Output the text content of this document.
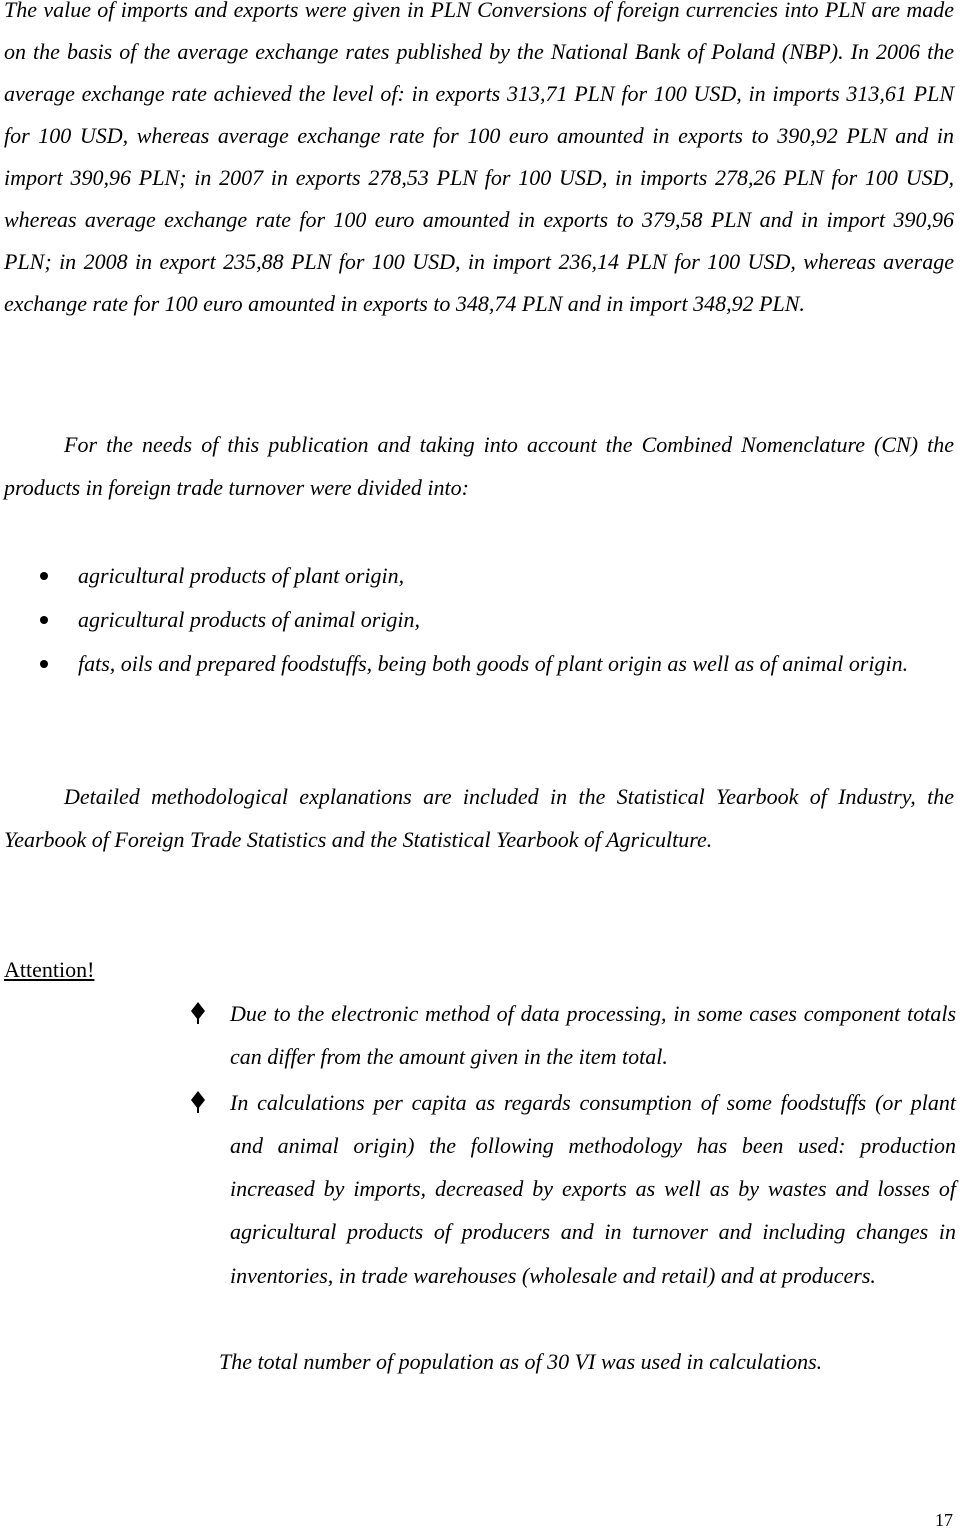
The value of imports and exports were given in PLN Conversions of foreign currencies into PLN are made on the basis of the average exchange rates published by the National Bank of Poland (NBP). In 2006 the average exchange rate achieved the level of: in exports 313,71 PLN for 100 USD, in imports 313,61 PLN for 100 USD, whereas average exchange rate for 100 euro amounted in exports to 390,92 PLN and in import 390,96 PLN; in 2007 in exports 278,53 PLN for 100 USD, in imports 278,26 PLN for 100 USD, whereas average exchange rate for 100 euro amounted in exports to 379,58 PLN and in import 390,96 PLN; in 2008 in export 235,88 PLN for 100 USD, in import 236,14 PLN for 100 USD, whereas average exchange rate for 100 euro amounted in exports to 348,74 PLN and in import 348,92 PLN.

For the needs of this publication and taking into account the Combined Nomenclature (CN) the products in foreign trade turnover were divided into:

agricultural products of plant origin,
agricultural products of animal origin,
fats, oils and prepared foodstuffs, being both goods of plant origin as well as of animal origin.

Detailed methodological explanations are included in the Statistical Yearbook of Industry, the Yearbook of Foreign Trade Statistics and the Statistical Yearbook of Agriculture.

Attention!

Due to the electronic method of data processing, in some cases component totals can differ from the amount given in the item total.
In calculations per capita as regards consumption of some foodstuffs (or plant and animal origin) the following methodology has been used: production increased by imports, decreased by exports as well as by wastes and losses of agricultural products of producers and in turnover and including changes in inventories, in trade warehouses (wholesale and retail) and at producers.

The total number of population as of 30 VI was used in calculations.

17
